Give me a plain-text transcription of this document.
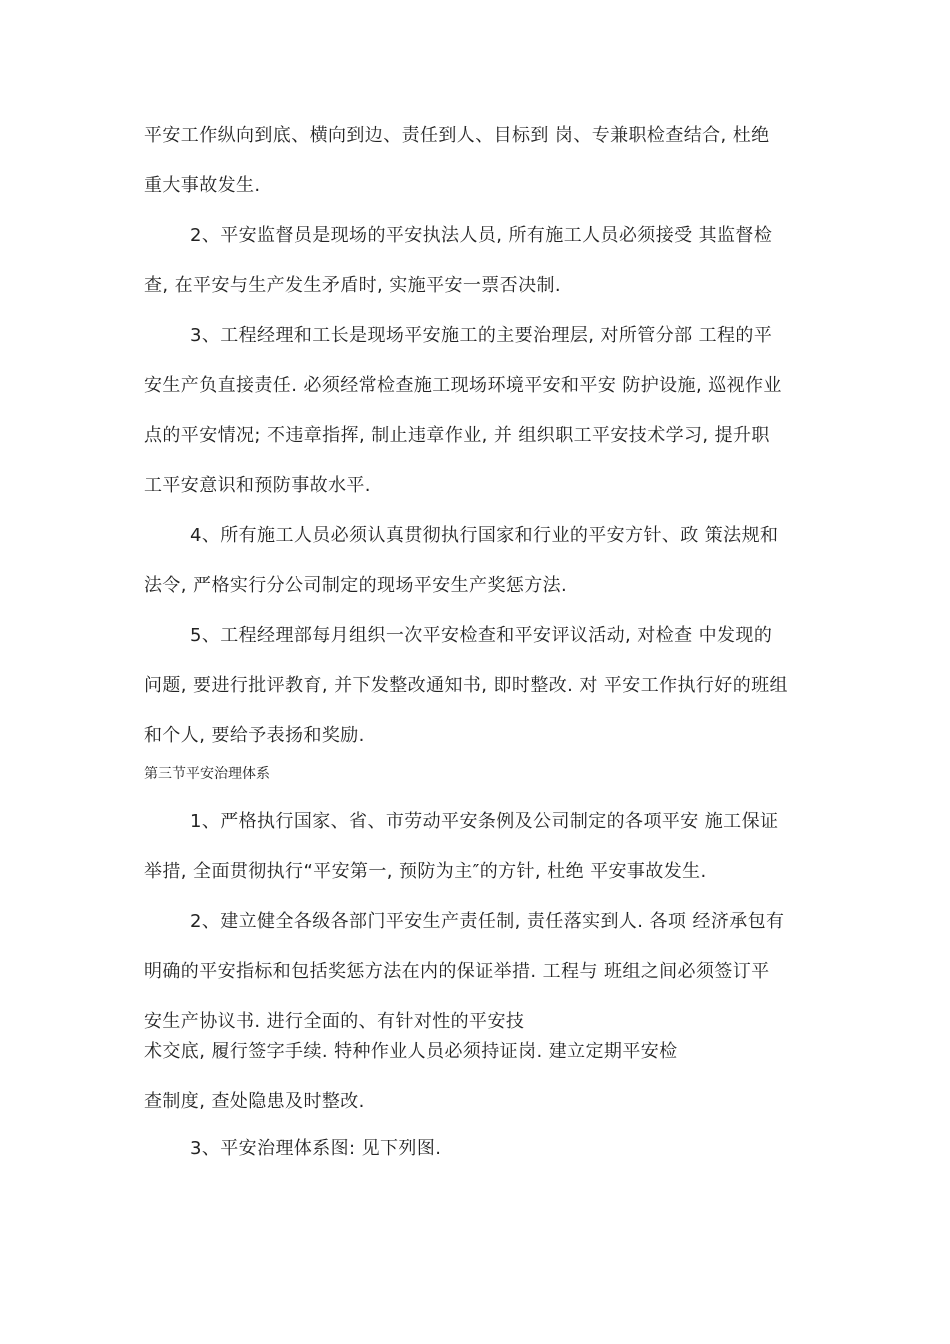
平安工作纵向到底、横向到边、责任到人、目标到 岗、专兼职检查结合, 杜绝
重大事故发生.
2、平安监督员是现场的平安执法人员, 所有施工人员必须接受 其监督检
查, 在平安与生产发生矛盾时, 实施平安一票否决制.
3、工程经理和工长是现场平安施工的主要治理层, 对所管分部 工程的平
安生产负直接责任. 必须经常检查施工现场环境平安和平安 防护设施, 巡视作业
点的平安情况; 不违章指挥, 制止违章作业, 并 组织职工平安技术学习, 提升职
工平安意识和预防事故水平.
4、所有施工人员必须认真贯彻执行国家和行业的平安方针、政 策法规和
法令, 严格实行分公司制定的现场平安生产奖惩方法.
5、工程经理部每月组织一次平安检查和平安评议活动, 对检查 中发现的
问题, 要进行批评教育, 并下发整改通知书, 即时整改. 对 平安工作执行好的班组
和个人, 要给予表扬和奖励.
第三节平安治理体系
1、严格执行国家、省、市劳动平安条例及公司制定的各项平安 施工保证
举措, 全面贯彻执行“平安第一, 预防为主″的方针, 杜绝 平安事故发生.
2、建立健全各级各部门平安生产责任制, 责任落实到人. 各项 经济承包有
明确的平安指标和包括奖惩方法在内的保证举措. 工程与 班组之间必须签订平
安生产协议书. 进行全面的、有针对性的平安技
术交底, 履行签字手续. 特种作业人员必须持证岗. 建立定期平安检
查制度, 查处隐患及时整改.
3、平安治理体系图: 见下列图.
